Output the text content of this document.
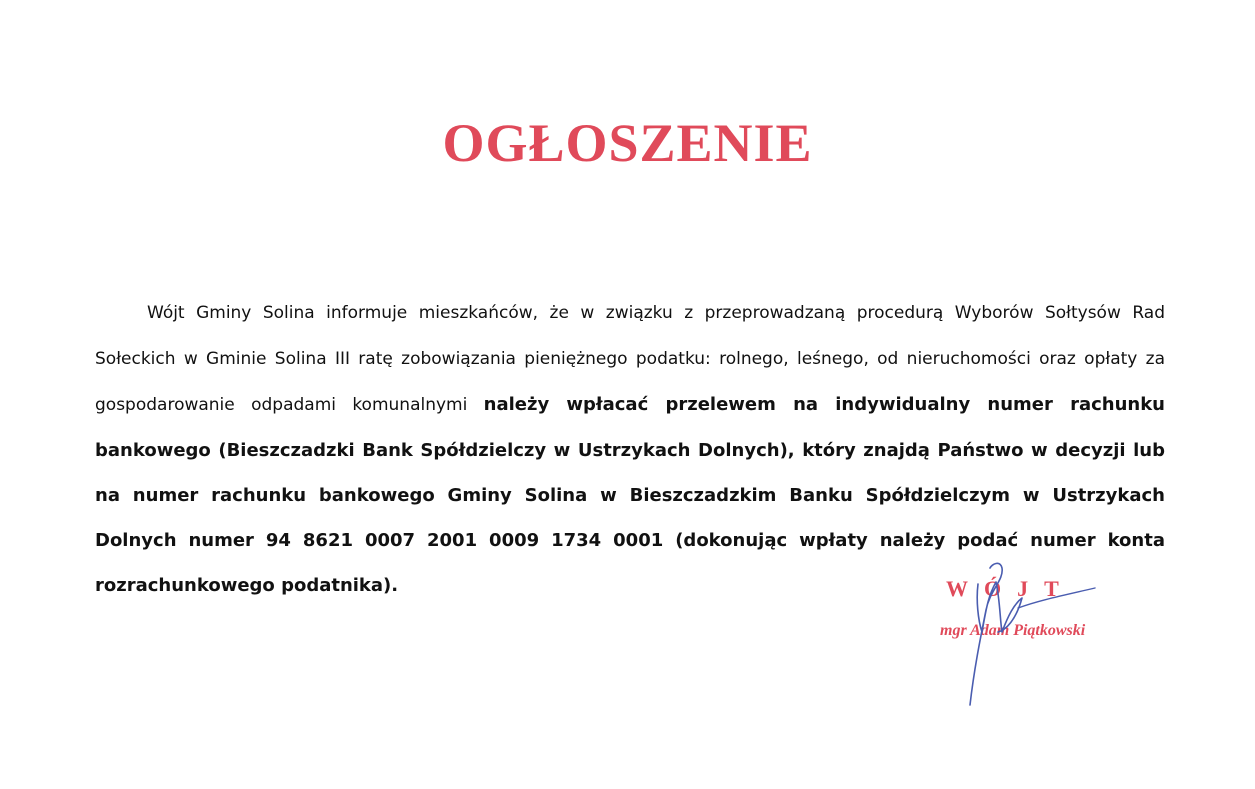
OGŁOSZENIE

Wójt Gminy Solina informuje mieszkańców, że w związku z przeprowadzaną procedurą Wyborów Sołtysów Rad Sołeckich w Gminie Solina III ratę zobowiązania pieniężnego podatku: rolnego, leśnego, od nieruchomości oraz opłaty za gospodarowanie odpadami komunalnymi należy wpłacać przelewem na indywidualny numer rachunku bankowego (Bieszczadzki Bank Spółdzielczy w Ustrzykach Dolnych), który znajdą Państwo w decyzji lub na numer rachunku bankowego Gminy Solina w Bieszczadzkim Banku Spółdzielczym w Ustrzykach Dolnych numer 94 8621 0007 2001 0009 1734 0001 (dokonując wpłaty należy podać numer konta rozrachunkowego podatnika).	WÓJT
mgr Adam Piątkowski
